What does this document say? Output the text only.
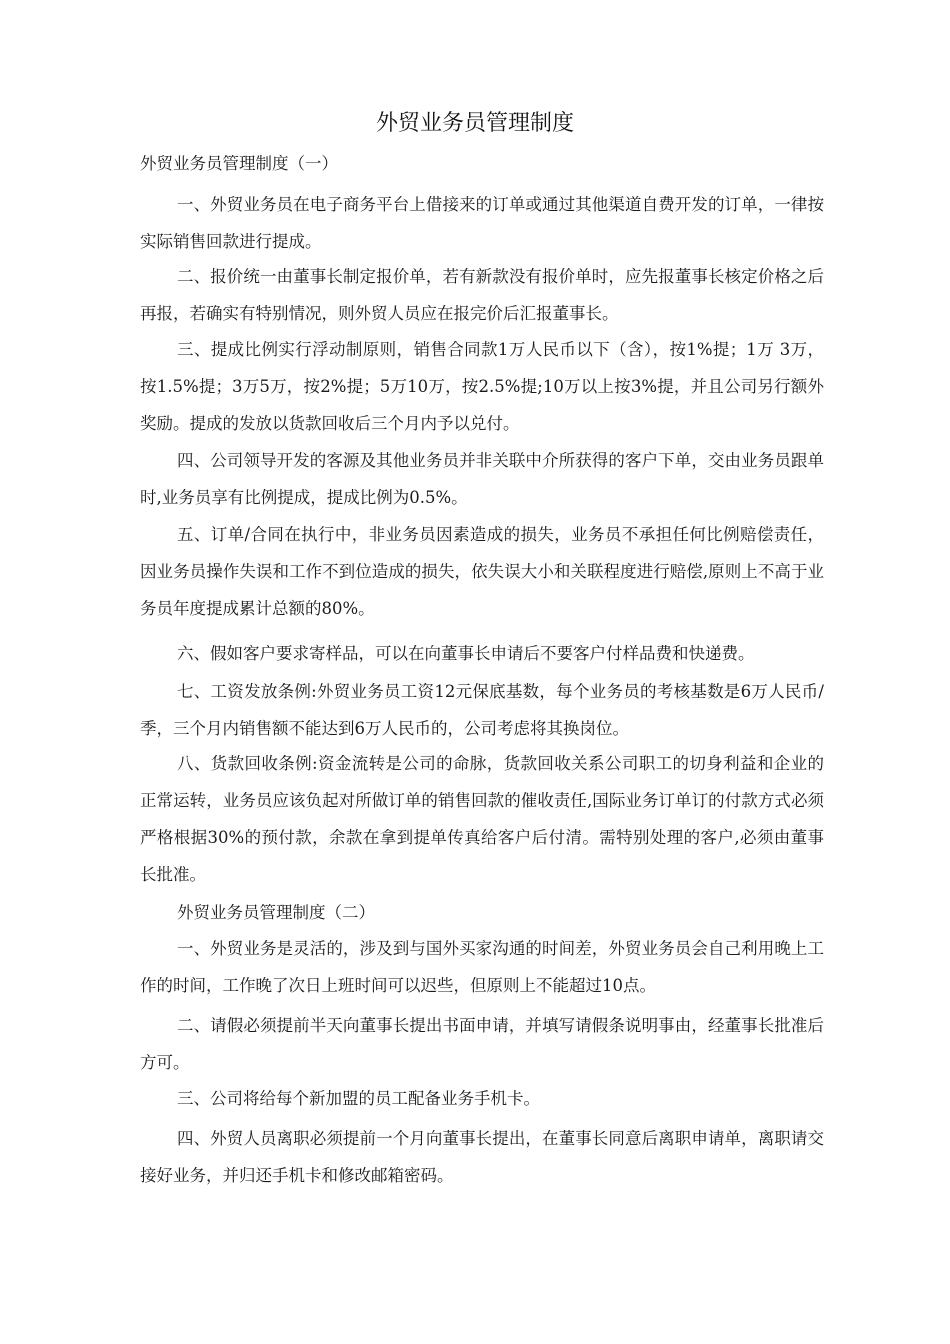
外贸业务员管理制度
外贸业务员管理制度（一）
一、外贸业务员在电子商务平台上借接来的订单或通过其他渠道自费开发的订单，一律按实际销售回款进行提成。
二、报价统一由董事长制定报价单，若有新款没有报价单时，应先报董事长核定价格之后再报，若确实有特别情况，则外贸人员应在报完价后汇报董事长。
三、提成比例实行浮动制原则，销售合同款1万人民币以下（含），按1%提；1万 3万，按1.5%提；3万5万，按2%提；5万10万，按2.5%提;10万以上按3%提，并且公司另行额外奖励。提成的发放以货款回收后三个月内予以兑付。
四、公司领导开发的客源及其他业务员并非关联中介所获得的客户下单，交由业务员跟单时,业务员享有比例提成，提成比例为0.5%。
五、订单/合同在执行中，非业务员因素造成的损失，业务员不承担任何比例赔偿责任，因业务员操作失误和工作不到位造成的损失，依失误大小和关联程度进行赔偿,原则上不高于业务员年度提成累计总额的80%。
六、假如客户要求寄样品，可以在向董事长申请后不要客户付样品费和快递费。
七、工资发放条例:外贸业务员工资12元保底基数，每个业务员的考核基数是6万人民币/季，三个月内销售额不能达到6万人民币的，公司考虑将其换岗位。
八、货款回收条例:资金流转是公司的命脉，货款回收关系公司职工的切身利益和企业的正常运转，业务员应该负起对所做订单的销售回款的催收责任,国际业务订单订的付款方式必须严格根据30%的预付款，余款在拿到提单传真给客户后付清。需特别处理的客户,必须由董事长批准。
外贸业务员管理制度（二）
一、外贸业务是灵活的，涉及到与国外买家沟通的时间差，外贸业务员会自己利用晚上工作的时间，工作晚了次日上班时间可以迟些，但原则上不能超过10点。
二、请假必须提前半天向董事长提出书面申请，并填写请假条说明事由，经董事长批准后方可。
三、公司将给每个新加盟的员工配备业务手机卡。
四、外贸人员离职必须提前一个月向董事长提出，在董事长同意后离职申请单，离职请交接好业务，并归还手机卡和修改邮箱密码。
